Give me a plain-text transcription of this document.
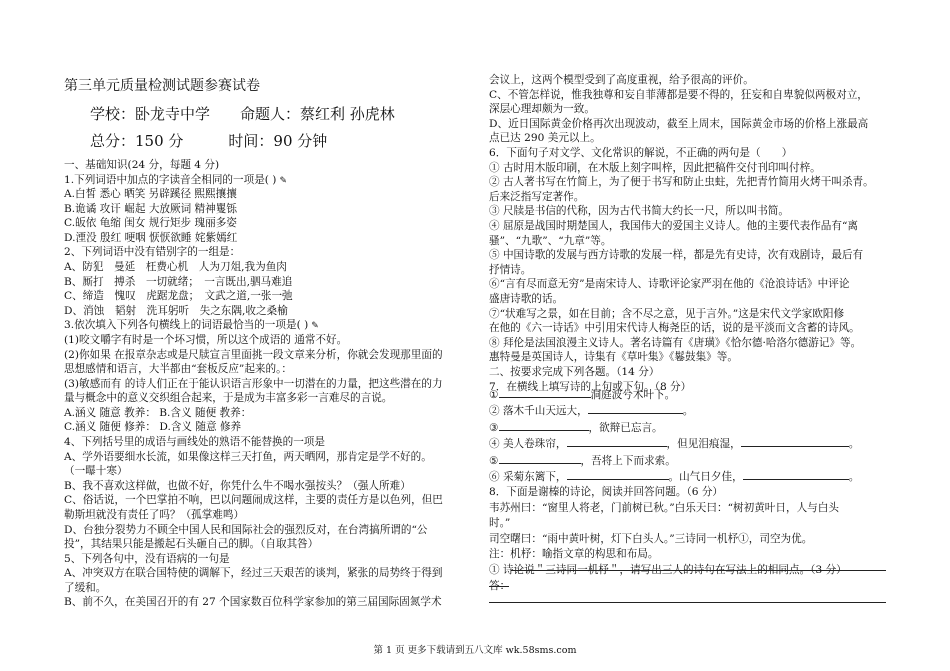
第三单元质量检测试题参赛试卷
学校：卧龙寺中学　　命题人：蔡红利 孙虎林
总分：150 分　　　时间：90 分钟
一、基础知识(24 分，每题 4 分)
1.下列词语中加点的字读音全相同的一项是( ) ✎
A.白皙 悉心 晒笑 另辟蹊径 熙熙攘攘
B.诡谲 攻讦 崛起 大放厥词 精神矍铄
C.皈依 龟缩 闺女 规行矩步 瑰丽多姿
D.湮没 殷红 哽咽 恹恹欲睡 姹紫嫣红
2、下列词语中没有错别字的一组是：
A、防犯　曼延　枉费心机　人为刀俎,我为鱼肉
B、厮打　搏杀　一切就绪；　一言既出,驷马难追
C、缔造　愧叹　虎踞龙盘；　文武之道,一张一弛
D、消蚀　韬射　洗耳躬听　失之东隅,收之桑榆
3.依次填入下列各句横线上的词语最恰当的一项是( ) ✎
(1)咬文嚼字有时是一个坏习惯，所以这个成语的 通常不好。
(2)你如果 在报章杂志或是尺牍宣言里面挑一段文章来分析，你就会发现那里面的
思想感情和语言，大半都由“套板反应”起来的。：
(3)敏感而有 的诗人们正在于能认识语言形象中一切潜在的力量，把这些潜在的力
量与概念中的意义交织组合起来，于是成为丰富多彩一言难尽的言说。
A.涵义 随意 教养： B.含义 随便 教养：
C.涵义 随便 修养： D.含义 随意 修养
4、下列括号里的成语与画线处的熟语不能替换的一项是
A、学外语要细水长流，如果像这样三天打鱼，两天晒网，那肯定是学不好的。
（一曝十寒）
B、我不喜欢这样做，也做不好，你凭什么牛不喝水强按头？（强人所难）
C、俗话说，一个巴掌拍不响，巴以问题闹成这样，主要的责任方是以色列，但巴
勒斯坦就没有责任了吗？（孤掌难鸣）
D、台独分裂势力不顾全中国人民和国际社会的强烈反对，在台湾搞所谓的“公
投”，其结果只能是搬起石头砸自己的脚。（自取其咎）
5、下列各句中，没有语病的一句是
A、冲突双方在联合国特使的调解下，经过三天艰苦的谈判，紧张的局势终于得到
了缓和。
B、前不久，在美国召开的有 27 个国家数百位科学家参加的第三届国际固氮学术
会议上，这两个模型受到了高度重视，给予很高的评价。
C、不管怎样说，惟我独尊和妄自菲薄都是要不得的，狂妄和自卑貌似两极对立，
深层心理却颇为一致。
D、近日国际黄金价格再次出现波动，截至上周末，国际黄金市场的价格上涨最高
点已达 290 美元以上。
6．下面句子对文学、文化常识的解说，不正确的两句是（　　）
① 古时用木版印刷，在木版上刻字叫梓，因此把稿件交付刊印叫付梓。
② 古人著书写在竹简上，为了便于书写和防止虫蛀，先把青竹简用火烤干叫杀青。
后来泛指写定著作。
③ 尺牍是书信的代称，因为古代书简大约长一尺，所以叫书简。
④ 屈原是战国时期楚国人，我国伟大的爱国主义诗人。他的主要代表作品有“离
骚”、“九歌”、“九章”等。
⑤ 中国诗歌的发展与西方诗歌的发展一样，都是先有史诗，次有戏剧诗，最后有
抒情诗。
⑥“言有尽而意无穷”是南宋诗人、诗歌评论家严羽在他的《沧浪诗话》中评论
盛唐诗歌的话。
⑦“状难写之景，如在目前；含不尽之意，见于言外。”这是宋代文学家欧阳修
在他的《六一诗话》中引用宋代诗人梅尧臣的话，说的是平淡而文含蓄的诗风。
⑧ 拜伦是法国浪漫主义诗人。著名诗篇有《唐璜》《恰尔德·哈洛尔德游记》等。
惠特曼是英国诗人，诗集有《草叶集》《鬈鼓集》等。
二、按要求完成下列各题。（14 分）
7．在横线上填写诗的上句或下句。（8 分）
①	洞庭波兮木叶下。
② 落木千山天远大，	。
③	，欲辩已忘言。
④ 美人卷珠帘，	，但见泪痕湿，	。
⑤	，吾将上下而求索。
⑥ 采菊东篱下，	。山气日夕佳，	。
8．下面是谢榛的诗论，阅读并回答问题。（6 分）
韦苏州曰：“窗里人将老，门前树已秋。”白乐天曰：“树初黄叶日，人与白头
时。”
司空曙曰：“雨中黄叶树，灯下白头人。”三诗同一机杼①，司空为优。
注：机杼：喻指文章的构思和布局。
① 诗论说＂三诗同一机杼＂，请写出三人的诗句在写法上的相同点。（3 分）
答：
第 1 页 更多下载请到五八文库 wk.58sms.com
